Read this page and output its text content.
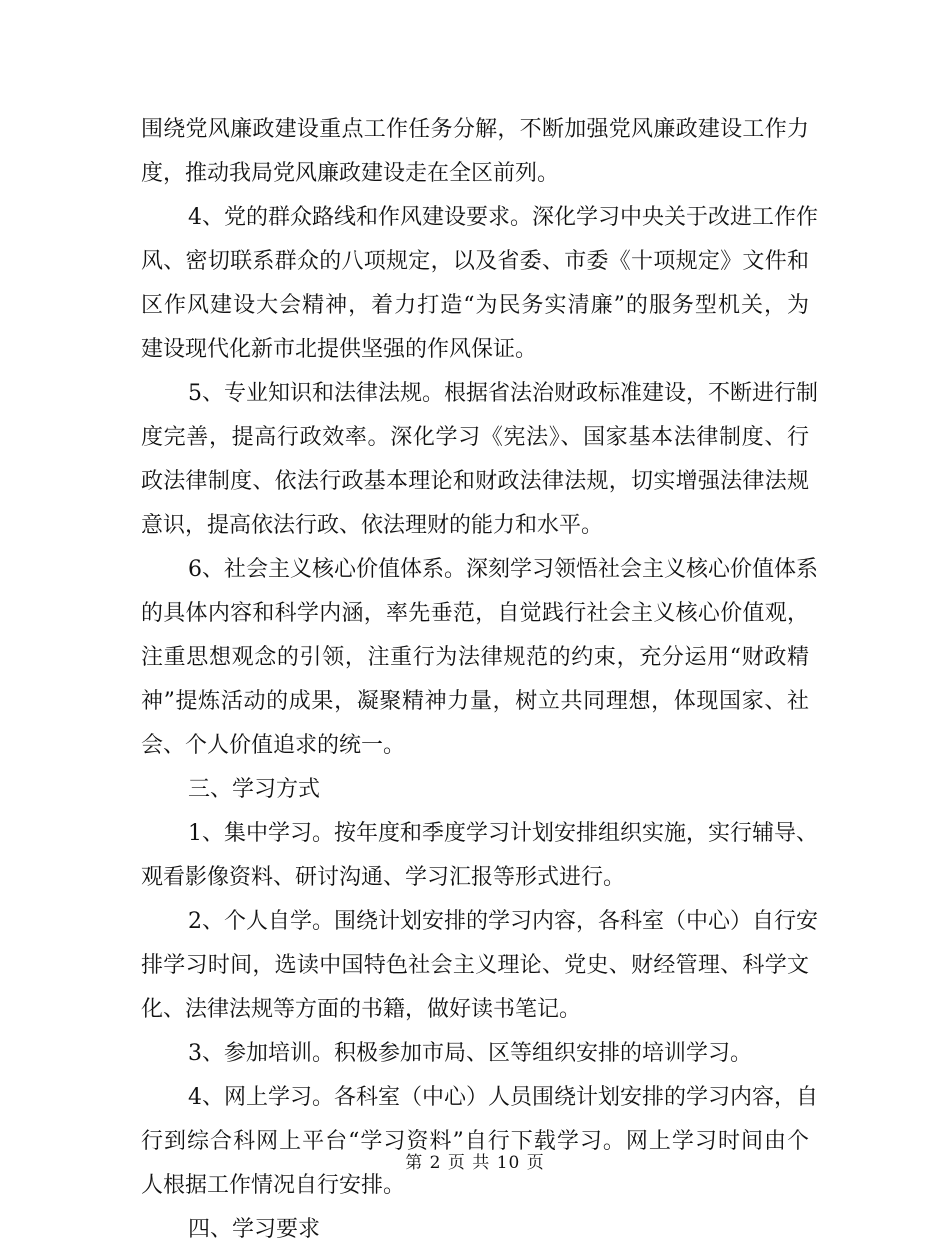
围绕党风廉政建设重点工作任务分解，不断加强党风廉政建设工作力
度，推动我局党风廉政建设走在全区前列。
4、党的群众路线和作风建设要求。深化学习中央关于改进工作作
风、密切联系群众的八项规定，以及省委、市委《十项规定》文件和
区作风建设大会精神，着力打造“为民务实清廉”的服务型机关，为
建设现代化新市北提供坚强的作风保证。
5、专业知识和法律法规。根据省法治财政标准建设，不断进行制
度完善，提高行政效率。深化学习《宪法》、国家基本法律制度、行
政法律制度、依法行政基本理论和财政法律法规，切实增强法律法规
意识，提高依法行政、依法理财的能力和水平。
6、社会主义核心价值体系。深刻学习领悟社会主义核心价值体系
的具体内容和科学内涵，率先垂范，自觉践行社会主义核心价值观，
注重思想观念的引领，注重行为法律规范的约束，充分运用“财政精
神”提炼活动的成果，凝聚精神力量，树立共同理想，体现国家、社
会、个人价值追求的统一。
三、学习方式
1、集中学习。按年度和季度学习计划安排组织实施，实行辅导、
观看影像资料、研讨沟通、学习汇报等形式进行。
2、个人自学。围绕计划安排的学习内容，各科室（中心）自行安
排学习时间，选读中国特色社会主义理论、党史、财经管理、科学文
化、法律法规等方面的书籍，做好读书笔记。
3、参加培训。积极参加市局、区等组织安排的培训学习。
4、网上学习。各科室（中心）人员围绕计划安排的学习内容，自
行到综合科网上平台“学习资料”自行下载学习。网上学习时间由个
人根据工作情况自行安排。
四、学习要求
第 2 页 共 10 页
